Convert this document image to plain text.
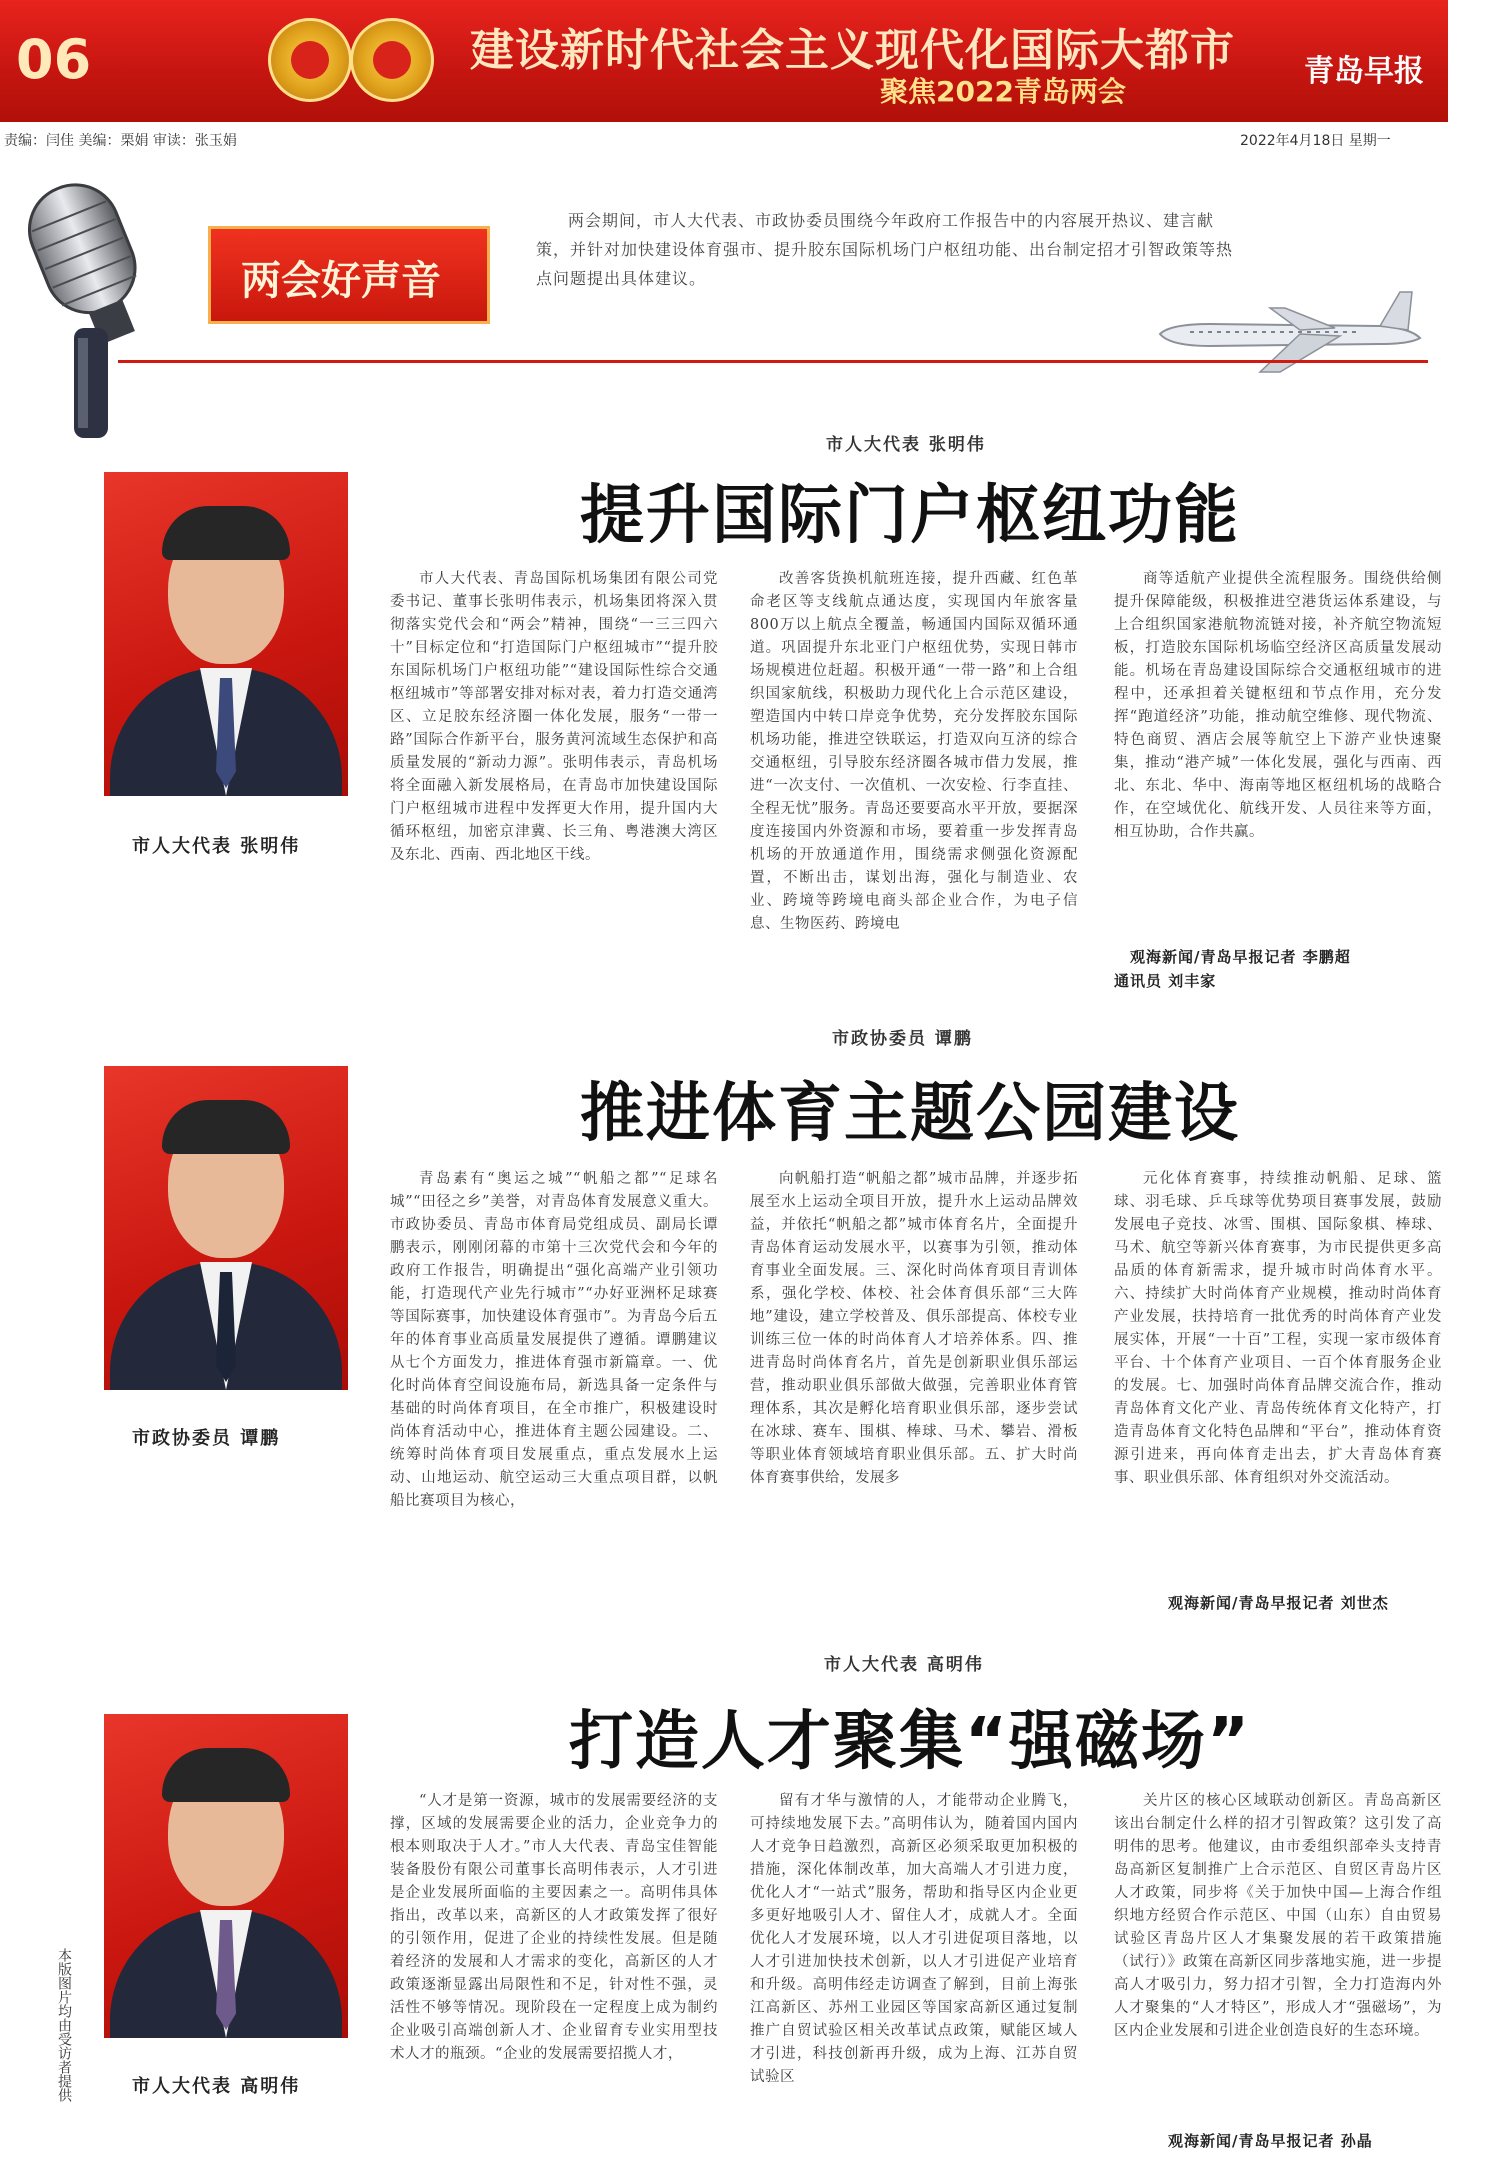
06	建设新时代社会主义现代化国际大都市
聚焦2022青岛两会
青岛早报
责编：闫佳 美编：栗娟 审读：张玉娟	2022年4月18日 星期一
两会好声音
两会期间，市人大代表、市政协委员围绕今年政府工作报告中的内容展开热议、建言献策，并针对加快建设体育强市、提升胶东国际机场门户枢纽功能、出台制定招才引智政策等热点问题提出具体建议。
市人大代表 张明伟
市人大代表 张明伟
提升国际门户枢纽功能

市人大代表、青岛国际机场集团有限公司党委书记、董事长张明伟表示，机场集团将深入贯彻落实党代会和“两会”精神，围绕“一三三四六十”目标定位和“打造国际门户枢纽城市”“提升胶东国际机场门户枢纽功能”“建设国际性综合交通枢纽城市”等部署安排对标对表，着力打造交通湾区、立足胶东经济圈一体化发展，服务“一带一路”国际合作新平台，服务黄河流域生态保护和高质量发展的“新动力源”。张明伟表示，青岛机场将全面融入新发展格局，在青岛市加快建设国际门户枢纽城市进程中发挥更大作用，提升国内大循环枢纽，加密京津冀、长三角、粤港澳大湾区及东北、西南、西北地区干线。

改善客货换机航班连接，提升西藏、红色革命老区等支线航点通达度，实现国内年旅客量800万以上航点全覆盖，畅通国内国际双循环通道。巩固提升东北亚门户枢纽优势，实现日韩市场规模进位赶超。积极开通“一带一路”和上合组织国家航线，积极助力现代化上合示范区建设，塑造国内中转口岸竞争优势，充分发挥胶东国际机场功能，推进空铁联运，打造双向互济的综合交通枢纽，引导胶东经济圈各城市借力发展，推进“一次支付、一次值机、一次安检、行李直挂、全程无忧”服务。青岛还要要高水平开放，要据深度连接国内外资源和市场，要着重一步发挥青岛机场的开放通道作用，围绕需求侧强化资源配置，不断出击，谋划出海，强化与制造业、农业、跨境等跨境电商头部企业合作，为电子信息、生物医药、跨境电

商等适航产业提供全流程服务。围绕供给侧提升保障能级，积极推进空港货运体系建设，与上合组织国家港航物流链对接，补齐航空物流短板，打造胶东国际机场临空经济区高质量发展动能。机场在青岛建设国际综合交通枢纽城市的进程中，还承担着关键枢纽和节点作用，充分发挥“跑道经济”功能，推动航空维修、现代物流、特色商贸、酒店会展等航空上下游产业快速聚集，推动“港产城”一体化发展，强化与西南、西北、东北、华中、海南等地区枢纽机场的战略合作，在空域优化、航线开发、人员往来等方面，相互协助，合作共赢。

观海新闻/青岛早报记者 李鹏超
通讯员 刘丰家
市政协委员 谭鹏
市政协委员 谭鹏
推进体育主题公园建设

青岛素有“奥运之城”“帆船之都”“足球名城”“田径之乡”美誉，对青岛体育发展意义重大。市政协委员、青岛市体育局党组成员、副局长谭鹏表示，刚刚闭幕的市第十三次党代会和今年的政府工作报告，明确提出“强化高端产业引领功能，打造现代产业先行城市”“办好亚洲杯足球赛等国际赛事，加快建设体育强市”。为青岛今后五年的体育事业高质量发展提供了遵循。谭鹏建议从七个方面发力，推进体育强市新篇章。一、优化时尚体育空间设施布局，新选具备一定条件与基础的时尚体育项目，在全市推广，积极建设时尚体育活动中心，推进体育主题公园建设。二、统筹时尚体育项目发展重点，重点发展水上运动、山地运动、航空运动三大重点项目群，以帆船比赛项目为核心，

向帆船打造“帆船之都”城市品牌，并逐步拓展至水上运动全项目开放，提升水上运动品牌效益，并依托“帆船之都”城市体育名片，全面提升青岛体育运动发展水平，以赛事为引领，推动体育事业全面发展。三、深化时尚体育项目青训体系，强化学校、体校、社会体育俱乐部“三大阵地”建设，建立学校普及、俱乐部提高、体校专业训练三位一体的时尚体育人才培养体系。四、推进青岛时尚体育名片，首先是创新职业俱乐部运营，推动职业俱乐部做大做强，完善职业体育管理体系，其次是孵化培育职业俱乐部，逐步尝试在冰球、赛车、围棋、棒球、马术、攀岩、滑板等职业体育领域培育职业俱乐部。五、扩大时尚体育赛事供给，发展多

元化体育赛事，持续推动帆船、足球、篮球、羽毛球、乒乓球等优势项目赛事发展，鼓励发展电子竞技、冰雪、围棋、国际象棋、棒球、马术、航空等新兴体育赛事，为市民提供更多高品质的体育新需求，提升城市时尚体育水平。六、持续扩大时尚体育产业规模，推动时尚体育产业发展，扶持培育一批优秀的时尚体育产业发展实体，开展“一十百”工程，实现一家市级体育平台、十个体育产业项目、一百个体育服务企业的发展。七、加强时尚体育品牌交流合作，推动青岛体育文化产业、青岛传统体育文化特产，打造青岛体育文化特色品牌和“平台”，推动体育资源引进来，再向体育走出去，扩大青岛体育赛事、职业俱乐部、体育组织对外交流活动。

观海新闻/青岛早报记者 刘世杰
市人大代表 高明伟
市人大代表 高明伟
打造人才聚集“强磁场”

“人才是第一资源，城市的发展需要经济的支撑，区域的发展需要企业的活力，企业竞争力的根本则取决于人才。”市人大代表、青岛宝佳智能装备股份有限公司董事长高明伟表示，人才引进是企业发展所面临的主要因素之一。高明伟具体指出，改革以来，高新区的人才政策发挥了很好的引领作用，促进了企业的持续性发展。但是随着经济的发展和人才需求的变化，高新区的人才政策逐渐显露出局限性和不足，针对性不强，灵活性不够等情况。现阶段在一定程度上成为制约企业吸引高端创新人才、企业留育专业实用型技术人才的瓶颈。“企业的发展需要招揽人才，

留有才华与激情的人，才能带动企业腾飞，可持续地发展下去。”高明伟认为，随着国内国内人才竞争日趋激烈，高新区必须采取更加积极的措施，深化体制改革，加大高端人才引进力度，优化人才“一站式”服务，帮助和指导区内企业更多更好地吸引人才、留住人才，成就人才。全面优化人才发展环境，以人才引进促项目落地，以人才引进加快技术创新，以人才引进促产业培育和升级。高明伟经走访调查了解到，目前上海张江高新区、苏州工业园区等国家高新区通过复制推广自贸试验区相关改革试点政策，赋能区域人才引进，科技创新再升级，成为上海、江苏自贸试验区

关片区的核心区域联动创新区。青岛高新区该出台制定什么样的招才引智政策？这引发了高明伟的思考。他建议，由市委组织部牵头支持青岛高新区复制推广上合示范区、自贸区青岛片区人才政策，同步将《关于加快中国—上海合作组织地方经贸合作示范区、中国（山东）自由贸易试验区青岛片区人才集聚发展的若干政策措施（试行）》政策在高新区同步落地实施，进一步提高人才吸引力，努力招才引智，全力打造海内外人才聚集的“人才特区”，形成人才“强磁场”，为区内企业发展和引进企业创造良好的生态环境。

观海新闻/青岛早报记者 孙晶
本版图片均由受访者提供
